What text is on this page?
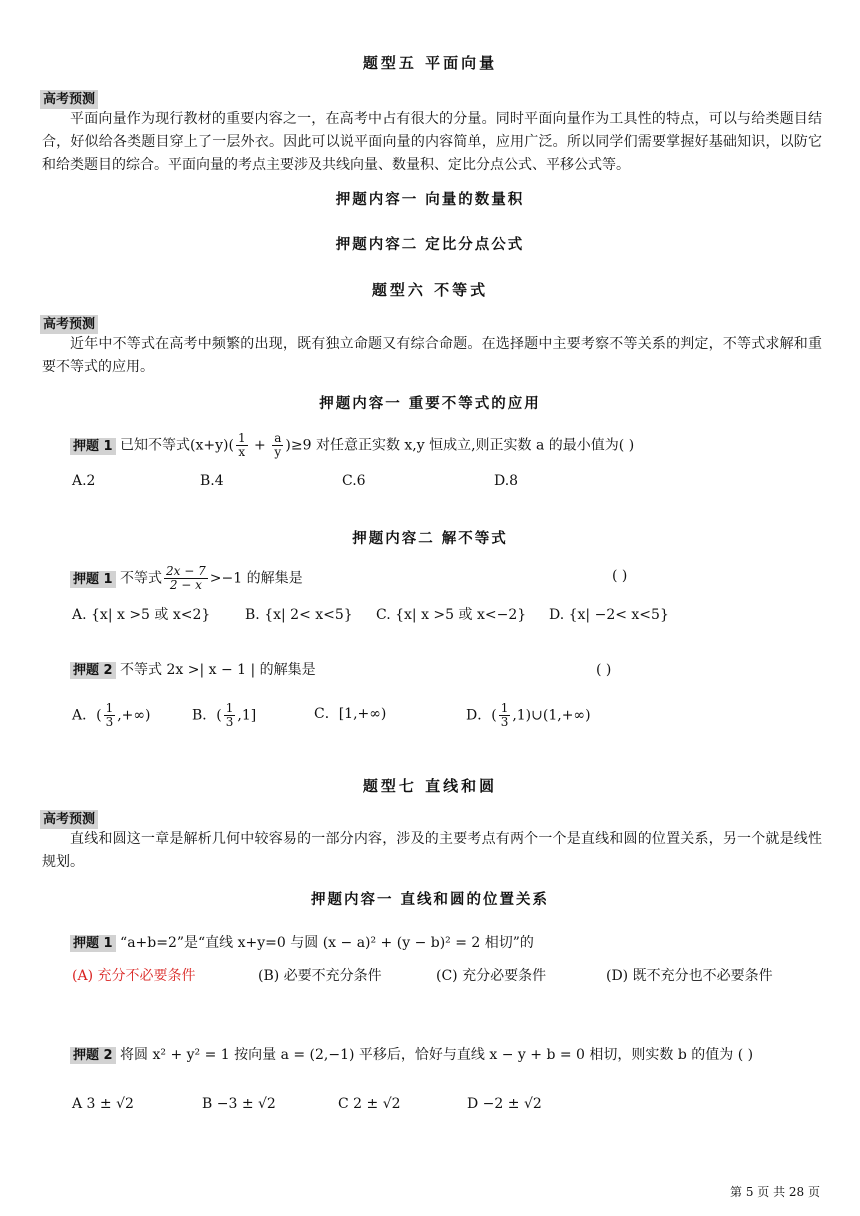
题型五 平面向量
高考预测
平面向量作为现行教材的重要内容之一，在高考中占有很大的分量。同时平面向量作为工具性的特点，可以与给类题目结合，好似给各类题目穿上了一层外衣。因此可以说平面向量的内容简单，应用广泛。所以同学们需要掌握好基础知识，以防它和给类题目的综合。平面向量的考点主要涉及共线向量、数量积、定比分点公式、平移公式等。
押题内容一 向量的数量积
押题内容二 定比分点公式
题型六 不等式
高考预测
近年中不等式在高考中频繁的出现，既有独立命题又有综合命题。在选择题中主要考察不等关系的判定，不等式求解和重要不等式的应用。
押题内容一 重要不等式的应用
押题 1 已知不等式$(x+y)( \frac{1}{x} + \frac{a}{y} )\ge 9$ 对任意正实数 x,y 恒成立,则正实数 a 的最小值为( )
A.2	B.4	C.6	D.8
押题内容二 解不等式
押题 1 不等式 $\frac{2x - 7}{2 - x} >-1$ 的解集是	( )
A. {x| x >5 或 x<2} B. {x| 2< x<5} C. {x| x >5 或 x<−2} D. {x| −2< x<5}
押题 2 不等式 2x >| x − 1 | 的解集是	( )
A．( $\frac{1}{3}$ ,+∞)	B．( $\frac{1}{3} ,1$]	C．[1,+∞)	D．( $\frac{1}{3}$ ,1)∪(1,+∞)
题型七 直线和圆
高考预测
直线和圆这一章是解析几何中较容易的一部分内容，涉及的主要考点有两个一个是直线和圆的位置关系，另一个就是线性规划。
押题内容一 直线和圆的位置关系
押题 1 “a+b=2”是“直线 x+y=0 与圆 (x − a)² + (y − b)² = 2 相切”的
(A) 充分不必要条件	(B) 必要不充分条件	(C) 充分必要条件	(D) 既不充分也不必要条件
押题 2 将圆 x² + y² = 1 按向量 a = (2,−1) 平移后，恰好与直线 x − y + b = 0 相切，则实数 b 的值为 ( )
A 3 ± √2	B −3 ± √2	C 2 ± √2	D −2 ± √2
第 5 页 共 28 页
